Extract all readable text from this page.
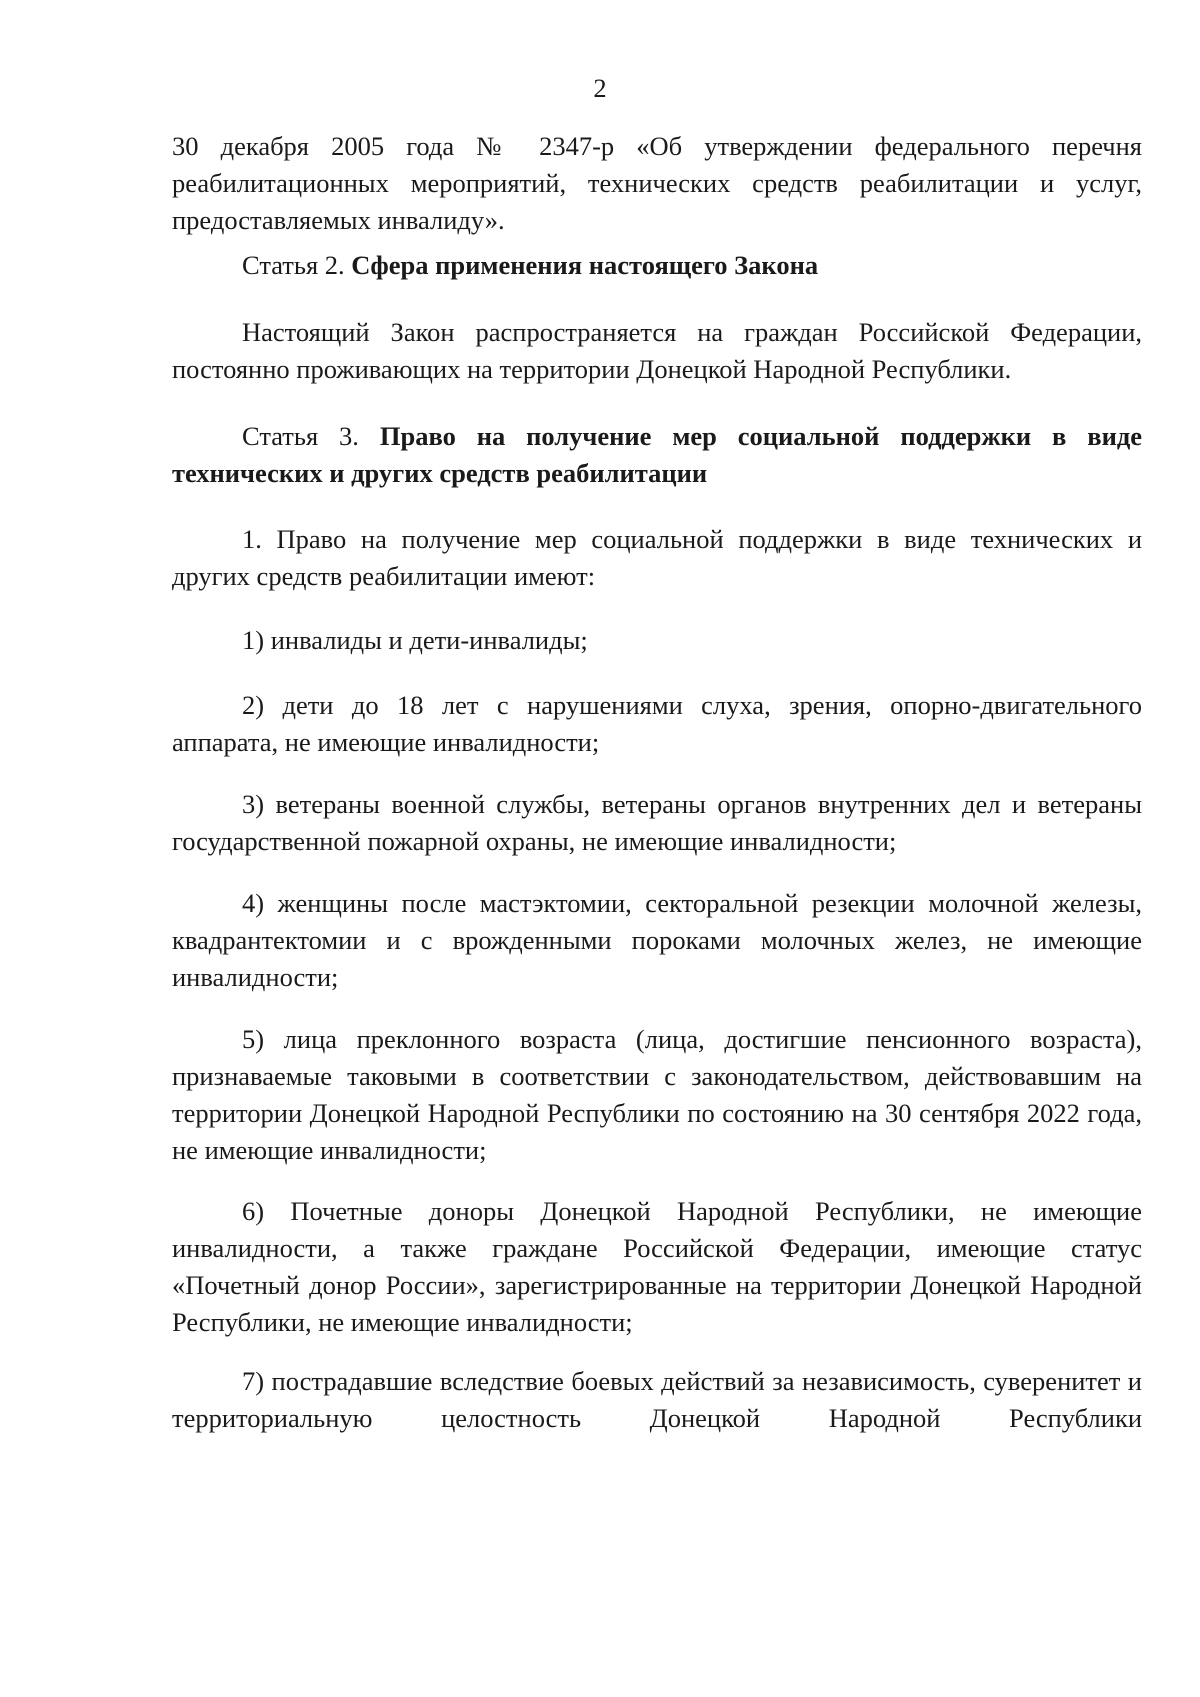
2
30 декабря 2005 года № 2347-р «Об утверждении федерального перечня реабилитационных мероприятий, технических средств реабилитации и услуг, предоставляемых инвалиду».
Статья 2. Сфера применения настоящего Закона
Настоящий Закон распространяется на граждан Российской Федерации, постоянно проживающих на территории Донецкой Народной Республики.
Статья 3. Право на получение мер социальной поддержки в виде технических и других средств реабилитации
1. Право на получение мер социальной поддержки в виде технических и других средств реабилитации имеют:
1) инвалиды и дети-инвалиды;
2) дети до 18 лет с нарушениями слуха, зрения, опорно-двигательного аппарата, не имеющие инвалидности;
3) ветераны военной службы, ветераны органов внутренних дел и ветераны государственной пожарной охраны, не имеющие инвалидности;
4) женщины после мастэктомии, секторальной резекции молочной железы, квадрантектомии и с врожденными пороками молочных желез, не имеющие инвалидности;
5) лица преклонного возраста (лица, достигшие пенсионного возраста), признаваемые таковыми в соответствии с законодательством, действовавшим на территории Донецкой Народной Республики по состоянию на 30 сентября 2022 года, не имеющие инвалидности;
6) Почетные доноры Донецкой Народной Республики, не имеющие инвалидности, а также граждане Российской Федерации, имеющие статус «Почетный донор России», зарегистрированные на территории Донецкой Народной Республики, не имеющие инвалидности;
7) пострадавшие вследствие боевых действий за независимость, суверенитет и территориальную целостность Донецкой Народной Республики
